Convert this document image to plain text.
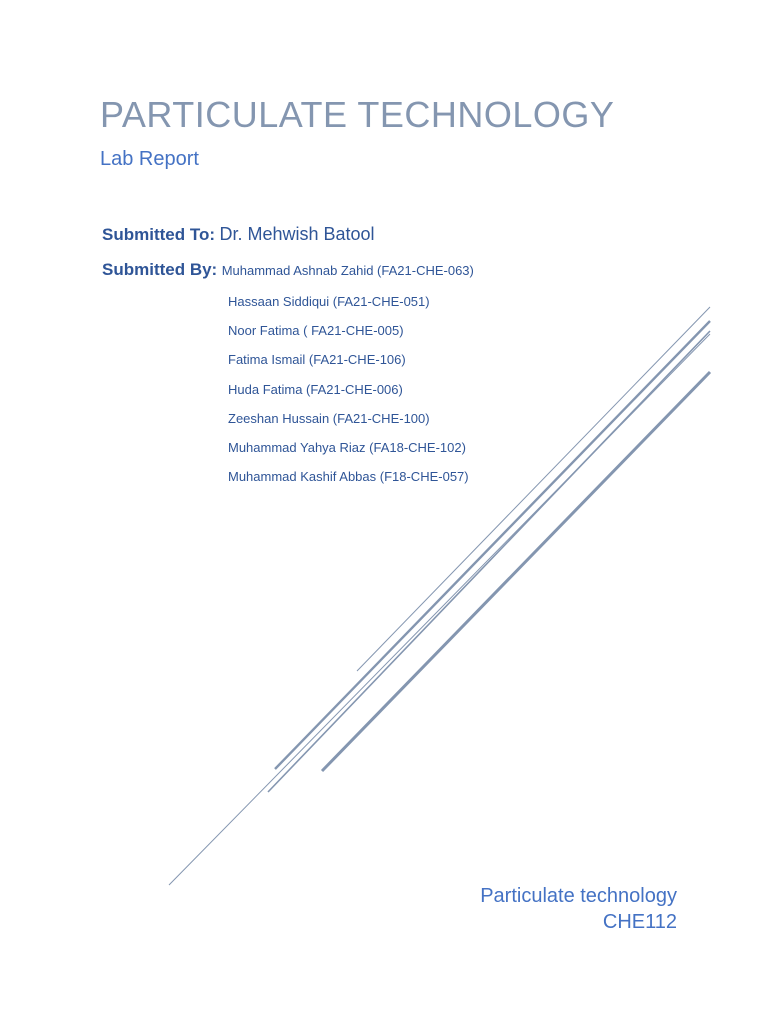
PARTICULATE TECHNOLOGY
Lab Report
Submitted To: Dr. Mehwish Batool
Submitted By: Muhammad Ashnab Zahid (FA21-CHE-063)
Hassaan Siddiqui (FA21-CHE-051)
Noor Fatima ( FA21-CHE-005)
Fatima Ismail (FA21-CHE-106)
Huda Fatima (FA21-CHE-006)
Zeeshan Hussain (FA21-CHE-100)
Muhammad Yahya Riaz (FA18-CHE-102)
Muhammad Kashif Abbas (F18-CHE-057)
Particulate technology
CHE112
